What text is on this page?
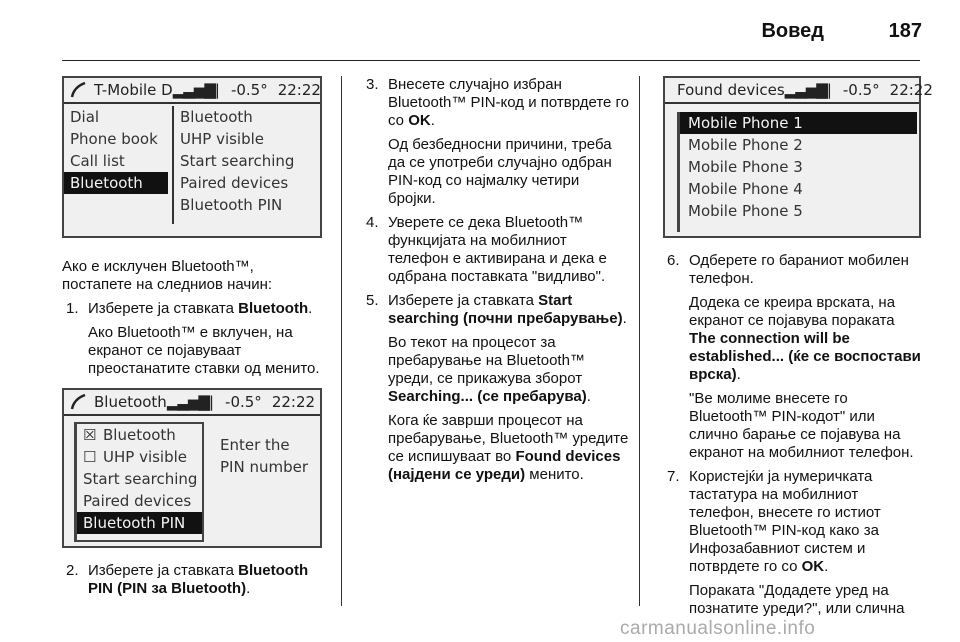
Вовед	187
T-Mobile D ▂▃▅▇| -0.5° 22:22
Dial
Phone book
Call list
Bluetooth
Bluetooth
UHP visible
Start searching
Paired devices
Bluetooth PIN

Ако е исклучен Bluetooth™, постапете на следниов начин:

1. Изберете ја ставката Bluetooth.

Ако Bluetooth™ е вклучен, на екранот се појавуваат преостанатите ставки од менито.

Bluetooth ▂▃▅▇| -0.5° 22:22
☒ Bluetooth
☐ UHP visible
Start searching
Paired devices
Bluetooth PIN
Enter the
PIN number
2. Изберете ја ставката Bluetooth PIN (PIN за Bluetooth).

3. Внесете случајно избран Bluetooth™ PIN-код и потврдете го со OK.

Од безбедносни причини, треба да се употреби случајно одбран PIN-код со најмалку четири бројки.

4. Уверете се дека Bluetooth™ функцијата на мобилниот телефон е активирана и дека е одбрана поставката "видливо".

5. Изберете ја ставката Start searching (почни пребарување).

Во текот на процесот за пребарување на Bluetooth™ уреди, се прикажува зборот Searching... (се пребарува).

Кога ќе заврши процесот на пребарување, Bluetooth™ уредите се испишуваат во Found devices (најдени се уреди) менито.

Found devices ▂▃▅▇| -0.5° 22:22
Mobile Phone 1
Mobile Phone 2
Mobile Phone 3
Mobile Phone 4
Mobile Phone 5
6. Одберете го бараниот мобилен телефон.

Додека се креира врската, на екранот се појавува пораката The connection will be established... (ќе се воспостави врска).

"Ве молиме внесете го Bluetooth™ PIN-кодот" или слично барање се појавува на екранот на мобилниот телефон.

7. Користејќи ја нумеричката тастатура на мобилниот телефон, внесете го истиот Bluetooth™ PIN-код како за Инфозабавниот систем и потврдете го со OK.

Пораката "Додадете уред на познатите уреди?", или слична

carmanualsonline.info
